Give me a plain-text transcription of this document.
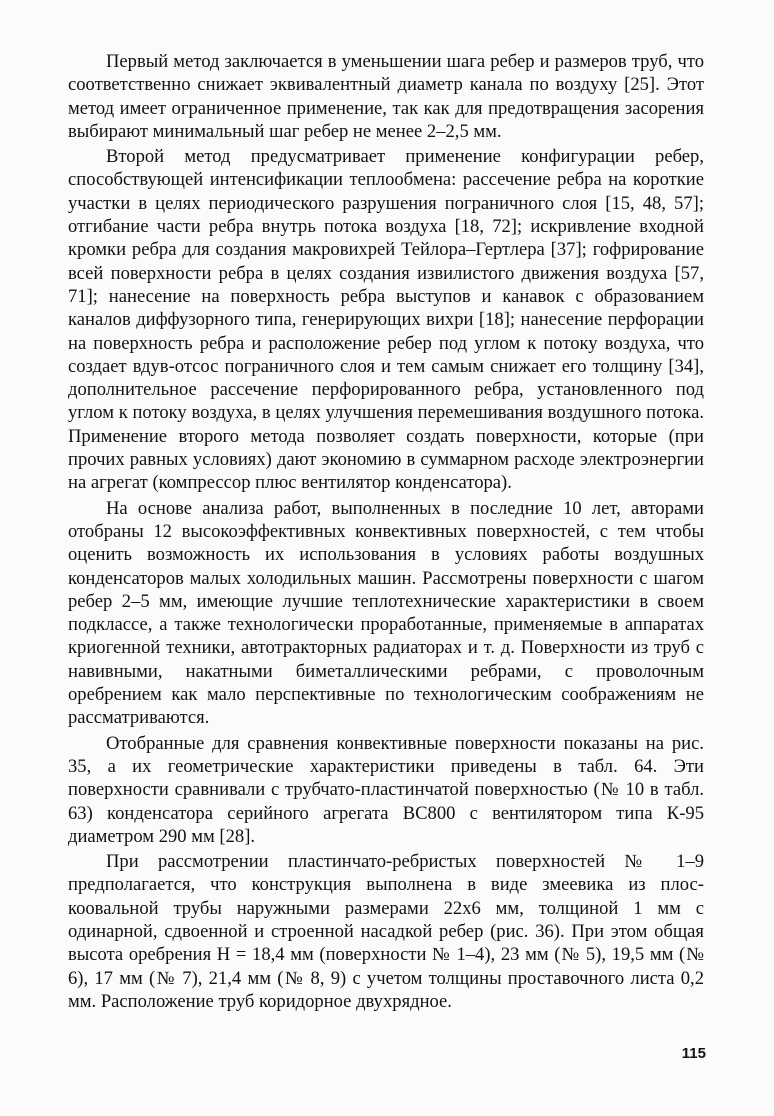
Первый метод заключается в уменьшении шага ребер и размеров труб, что соответственно снижает эквивалентный диаметр канала по воздуху [25]. Этот метод имеет ограниченное применение, так как для предотвращения засорения выбирают минимальный шаг ребер не менее 2–2,5 мм.

Второй метод предусматривает применение конфигурации ребер, способствующей интенсификации теплообмена: рассечение ребра на короткие участки в целях периодического разрушения пограничного слоя [15, 48, 57]; отгибание части ребра внутрь потока воздуха [18, 72]; искривление входной кромки ребра для создания макровихрей Тейлора–Гертлера [37]; гофрирование всей поверхности ребра в целях создания извилистого движения воздуха [57, 71]; нанесение на поверхность ребра выступов и канавок с образованием каналов диффузорного типа, генерирующих вихри [18]; нанесение перфорации на поверхность ребра и расположение ребер под углом к потоку воздуха, что создает вдув-отсос пограничного слоя и тем самым снижает его толщину [34], дополнительное рассечение перфорированного ребра, установленного под углом к потоку воздуха, в целях улучшения перемешивания воздушного потока. Применение второго метода позволяет создать поверхности, которые (при прочих равных условиях) дают экономию в суммарном расходе электроэнергии на агрегат (компрессор плюс вентилятор конденсатора).

На основе анализа работ, выполненных в последние 10 лет, авторами отобраны 12 высокоэффективных конвективных поверхностей, с тем чтобы оценить возможность их использования в условиях работы воздушных конденсаторов малых холодильных машин. Рассмотрены поверхности с шагом ребер 2–5 мм, имеющие лучшие теплотехнические характеристики в своем подклассе, а также технологически проработанные, применяемые в аппаратах криогенной техники, автотракторных радиаторах и т. д. Поверхности из труб с навивными, накатными биметаллическими ребрами, с проволочным оребрением как мало перспективные по технологическим соображениям не рассматриваются.

Отобранные для сравнения конвективные поверхности показаны на рис. 35, а их геометрические характеристики приведены в табл. 64. Эти поверхности сравнивали с трубчато-пластинчатой поверхностью (№ 10 в табл. 63) конденсатора серийного агрегата ВС800 с вентилятором типа К-95 диаметром 290 мм [28].

При рассмотрении пластинчато-ребристых поверхностей № 1–9 предполагается, что конструкция выполнена в виде змеевика из плоскоовальной трубы наружными размерами 22x6 мм, толщиной 1 мм с одинарной, сдвоенной и строенной насадкой ребер (рис. 36). При этом общая высота оребрения H = 18,4 мм (поверхности № 1–4), 23 мм (№ 5), 19,5 мм (№ 6), 17 мм (№ 7), 21,4 мм (№ 8, 9) с учетом толщины проставочного листа 0,2 мм. Расположение труб коридорное двухрядное.

115
